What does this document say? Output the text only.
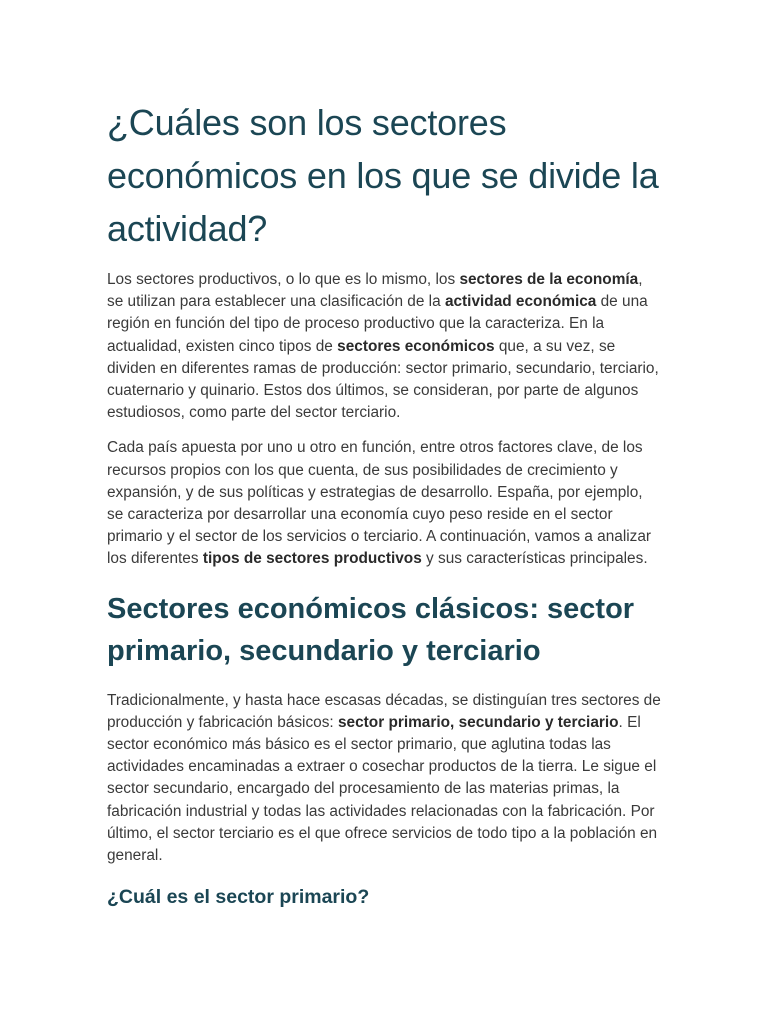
¿Cuáles son los sectores económicos en los que se divide la actividad?

Los sectores productivos, o lo que es lo mismo, los sectores de la economía, se utilizan para establecer una clasificación de la actividad económica de una región en función del tipo de proceso productivo que la caracteriza. En la actualidad, existen cinco tipos de sectores económicos que, a su vez, se dividen en diferentes ramas de producción: sector primario, secundario, terciario, cuaternario y quinario. Estos dos últimos, se consideran, por parte de algunos estudiosos, como parte del sector terciario.

Cada país apuesta por uno u otro en función, entre otros factores clave, de los recursos propios con los que cuenta, de sus posibilidades de crecimiento y expansión, y de sus políticas y estrategias de desarrollo. España, por ejemplo, se caracteriza por desarrollar una economía cuyo peso reside en el sector primario y el sector de los servicios o terciario. A continuación, vamos a analizar los diferentes tipos de sectores productivos y sus características principales.

Sectores económicos clásicos: sector primario, secundario y terciario

Tradicionalmente, y hasta hace escasas décadas, se distinguían tres sectores de producción y fabricación básicos: sector primario, secundario y terciario. El sector económico más básico es el sector primario, que aglutina todas las actividades encaminadas a extraer o cosechar productos de la tierra. Le sigue el sector secundario, encargado del procesamiento de las materias primas, la fabricación industrial y todas las actividades relacionadas con la fabricación. Por último, el sector terciario es el que ofrece servicios de todo tipo a la población en general.

¿Cuál es el sector primario?
